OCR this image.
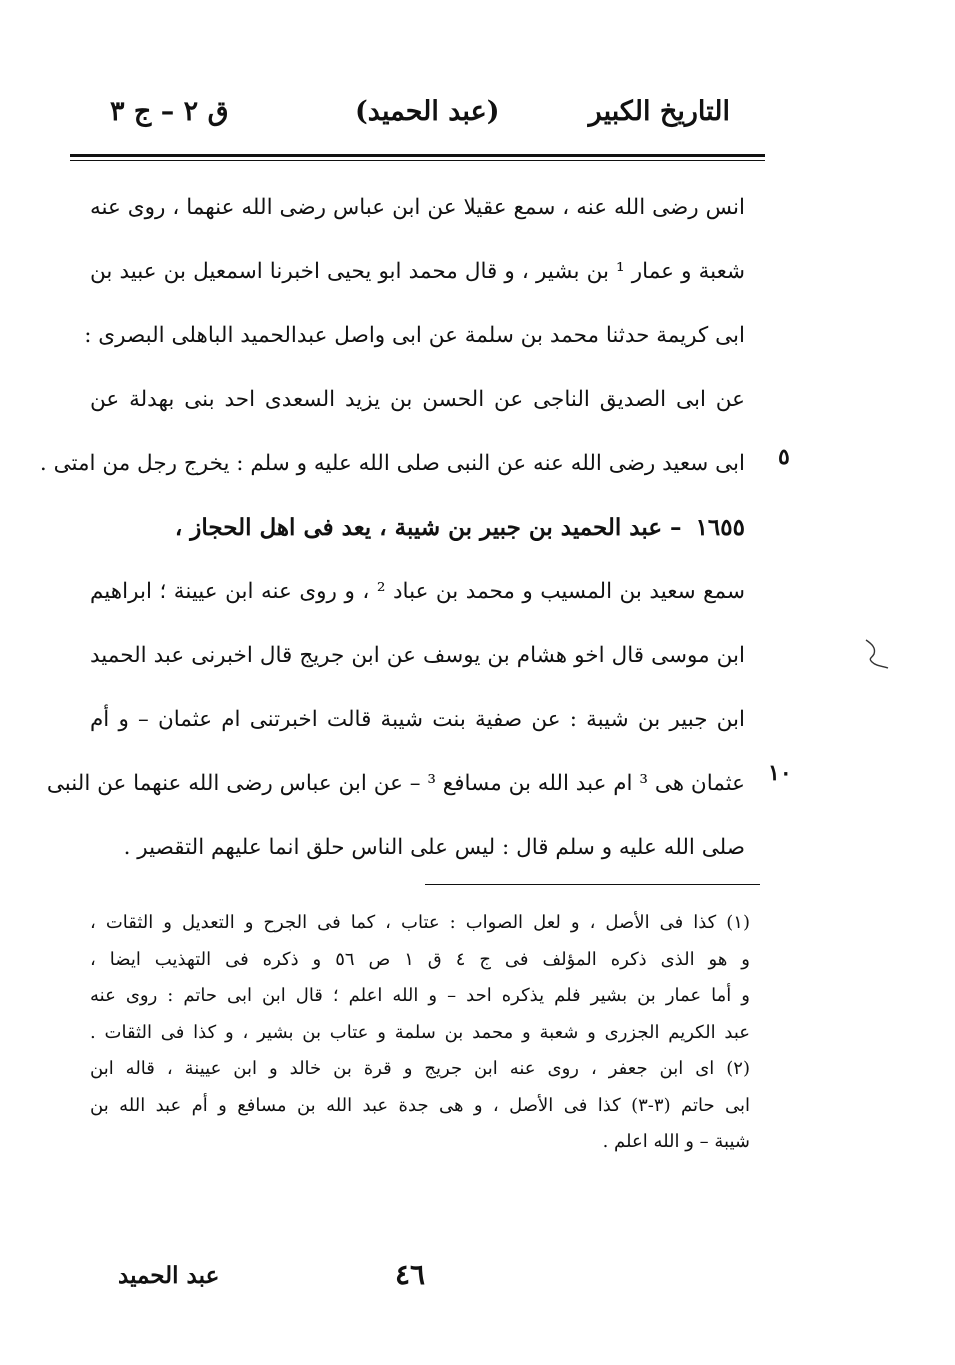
التاريخ الكبير
(عبد الحميد)
ق ٢ – ج ٣
انس رضى الله عنه ، سمع عقيلا عن ابن عباس رضى الله عنهما ، روى عنه
شعبة و عمار ¹ بن بشير ، و قال محمد ابو يحيى اخبرنا اسمعيل بن عبيد بن
ابى كريمة حدثنا محمد بن سلمة عن ابى واصل عبدالحميد الباهلى البصرى :
عن ابى الصديق الناجى عن الحسن بن يزيد السعدى احد بنى بهدلة عن
ابى سعيد رضى الله عنه عن النبى صلى الله عليه و سلم : يخرج رجل من امتى .
١٦٥٥ – عبد الحميد بن جبير بن شيبة ، يعد فى اهل الحجاز ،
سمع سعيد بن المسيب و محمد بن عباد ² ، و روى عنه ابن عيينة ؛ ابراهيم
ابن موسى قال اخو هشام بن يوسف عن ابن جريج قال اخبرنى عبد الحميد
ابن جبير بن شيبة : عن صفية بنت شيبة قالت اخبرتنى ام عثمان – و أم
عثمان هى ³ ام عبد الله بن مسافع ³ – عن ابن عباس رضى الله عنهما عن النبى
صلى الله عليه و سلم قال : ليس على الناس حلق انما عليهم التقصير .
٥
١٠
(١) كذا فى الأصل ، و لعل الصواب : عتاب ، كما فى الجرح و التعديل و الثقات ،
و هو الذى ذكره المؤلف فى ج ٤ ق ١ ص ٥٦ و ذكره فى التهذيب ايضا ،
و أما عمار بن بشير فلم يذكره احد – و الله اعلم ؛ قال ابن ابى حاتم : روى عنه
عبد الكريم الجزرى و شعبة و محمد بن سلمة و عتاب بن بشير ، و كذا فى الثقات .
(٢) اى ابن جعفر ، روى عنه ابن جريج و قرة بن خالد و ابن عيينة ، قاله ابن
ابى حاتم (٣-٣) كذا فى الأصل ، و هى جدة عبد الله بن مسافع و أم عبد الله بن
شيبة – و الله اعلم .
٤٦
عبد الحميد
